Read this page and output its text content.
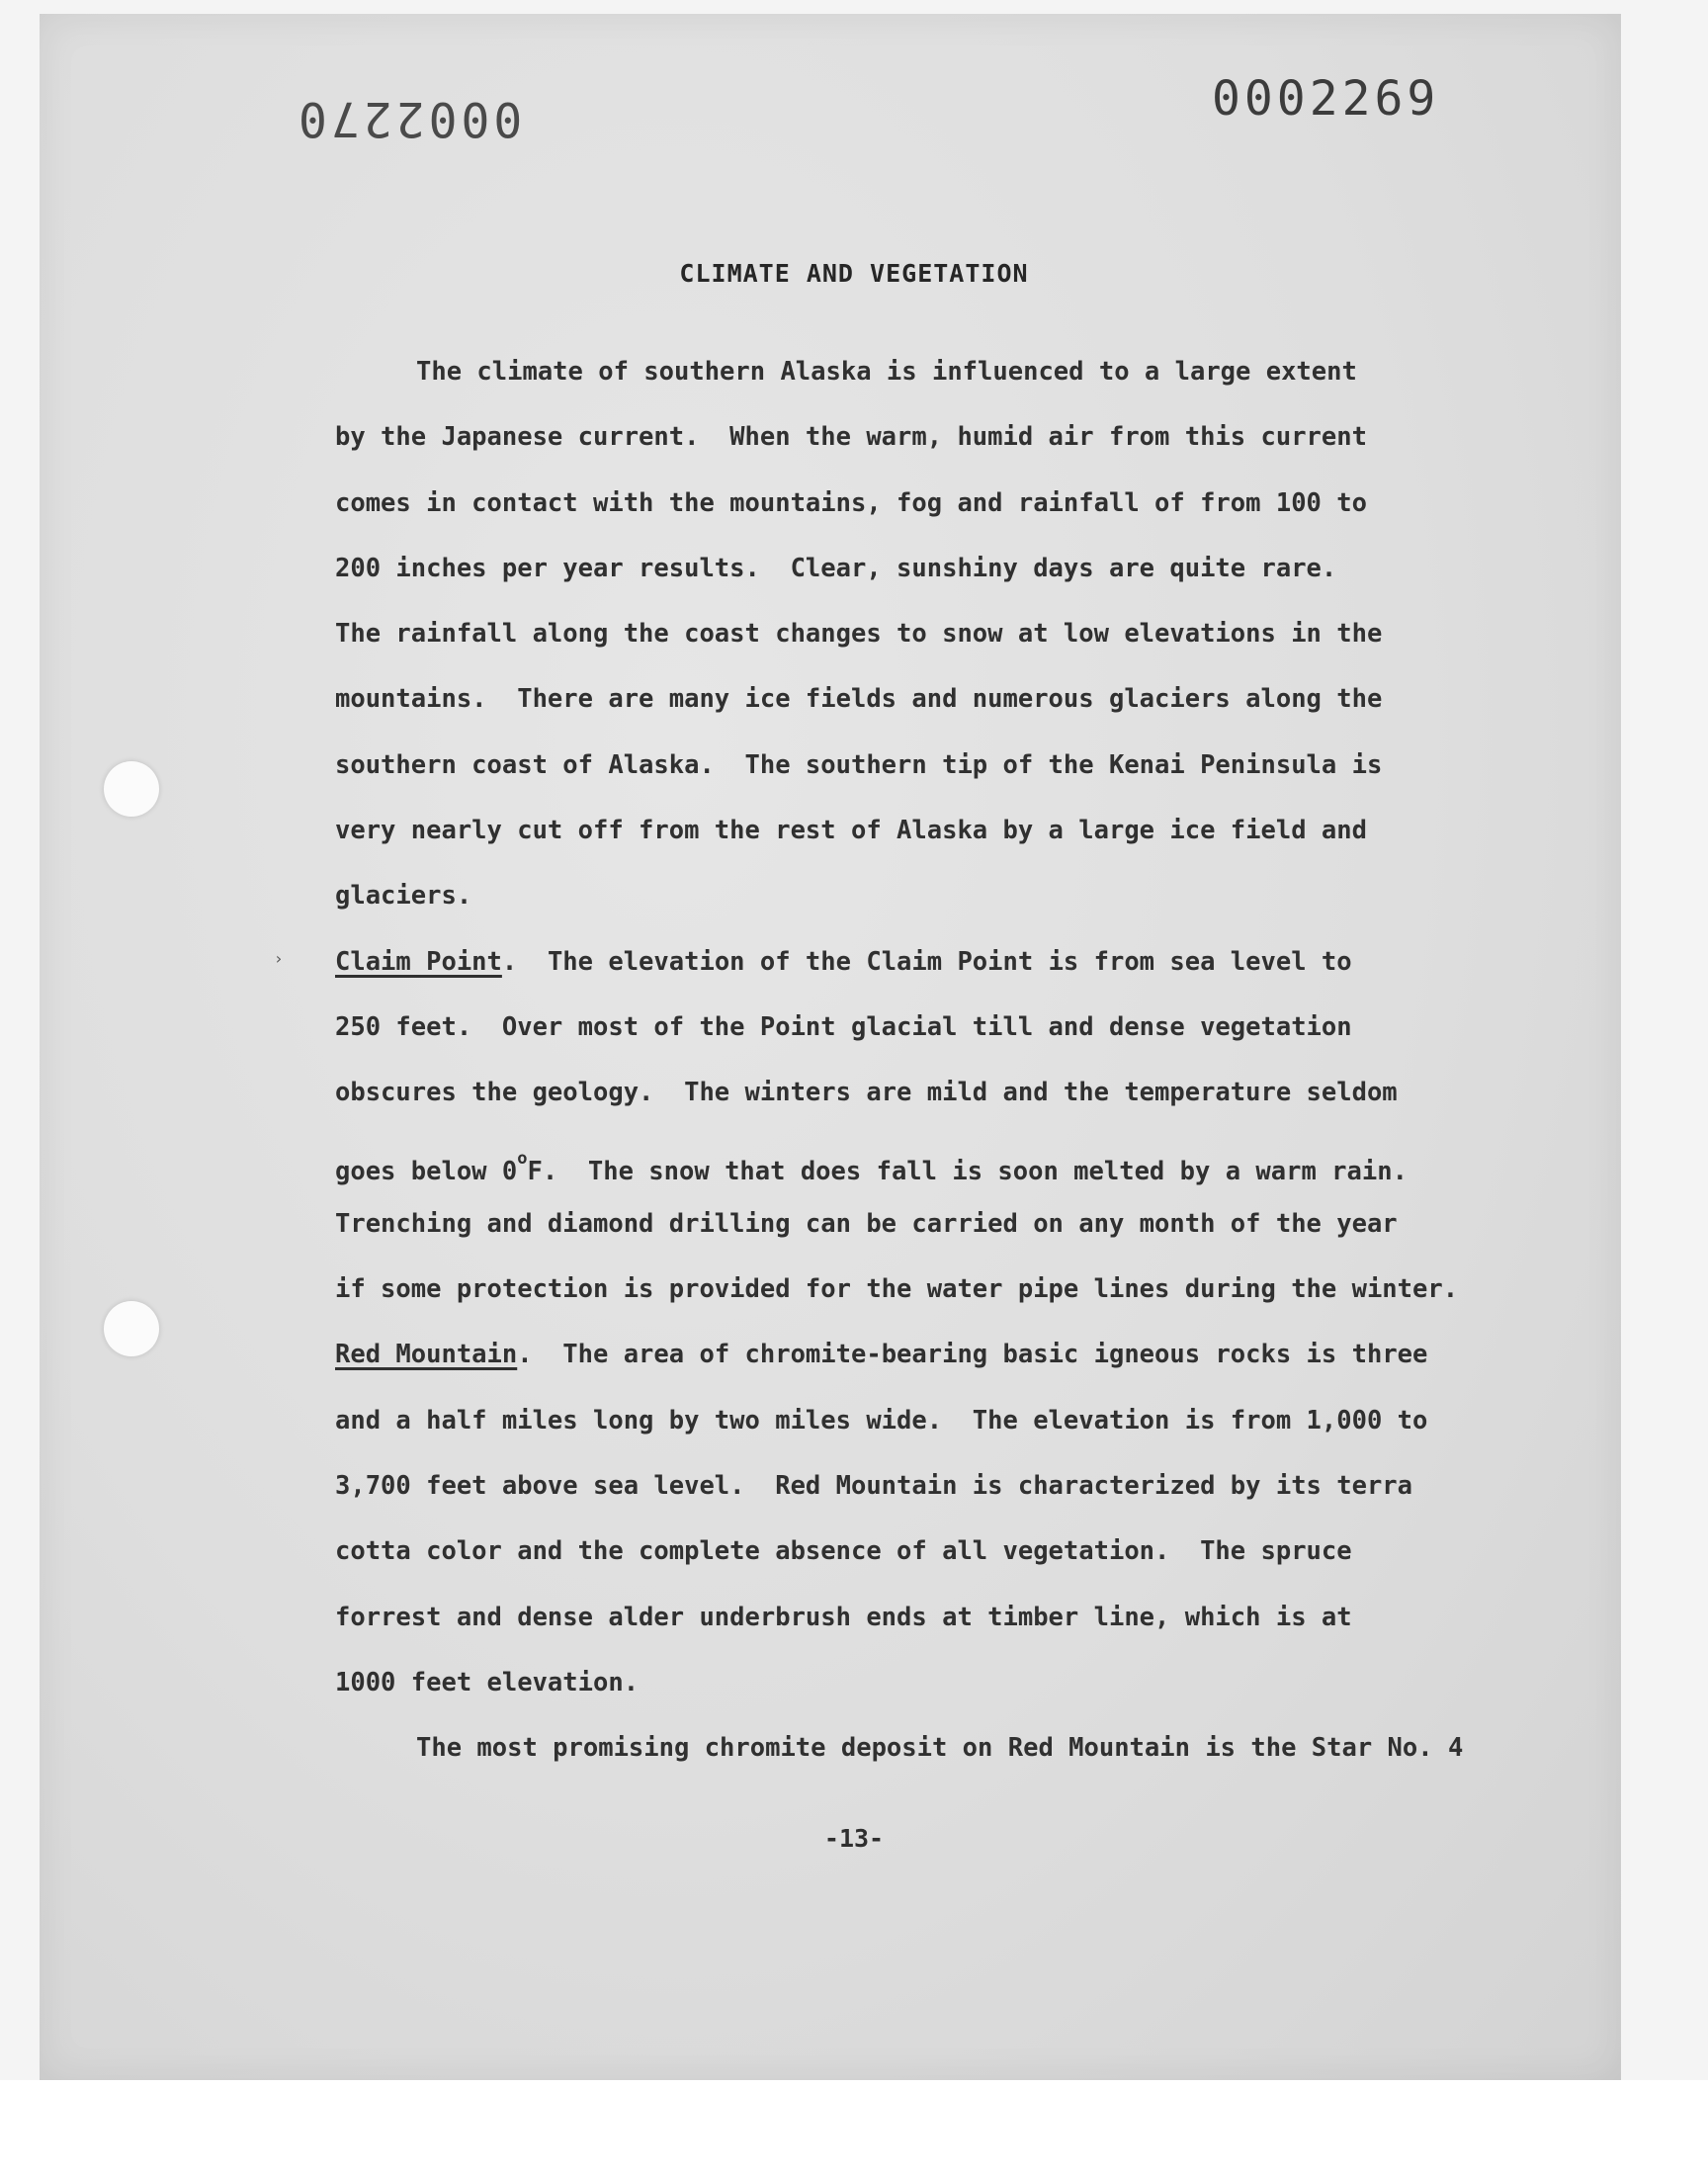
0002270	0002269
CLIMATE AND VEGETATION
›
The climate of southern Alaska is influenced to a large extent
by the Japanese current.  When the warm, humid air from this current
comes in contact with the mountains, fog and rainfall of from 100 to
200 inches per year results.  Clear, sunshiny days are quite rare.
The rainfall along the coast changes to snow at low elevations in the
mountains.  There are many ice fields and numerous glaciers along the
southern coast of Alaska.  The southern tip of the Kenai Peninsula is
very nearly cut off from the rest of Alaska by a large ice field and
glaciers.
Claim Point.  The elevation of the Claim Point is from sea level to
250 feet.  Over most of the Point glacial till and dense vegetation
obscures the geology.  The winters are mild and the temperature seldom
goes below 0$^o$F.  The snow that does fall is soon melted by a warm rain.
Trenching and diamond drilling can be carried on any month of the year
if some protection is provided for the water pipe lines during the winter.
Red Mountain.  The area of chromite-bearing basic igneous rocks is three
and a half miles long by two miles wide.  The elevation is from 1,000 to
3,700 feet above sea level.  Red Mountain is characterized by its terra
cotta color and the complete absence of all vegetation.  The spruce
forrest and dense alder underbrush ends at timber line, which is at
1000 feet elevation.
The most promising chromite deposit on Red Mountain is the Star No. 4
-13-
